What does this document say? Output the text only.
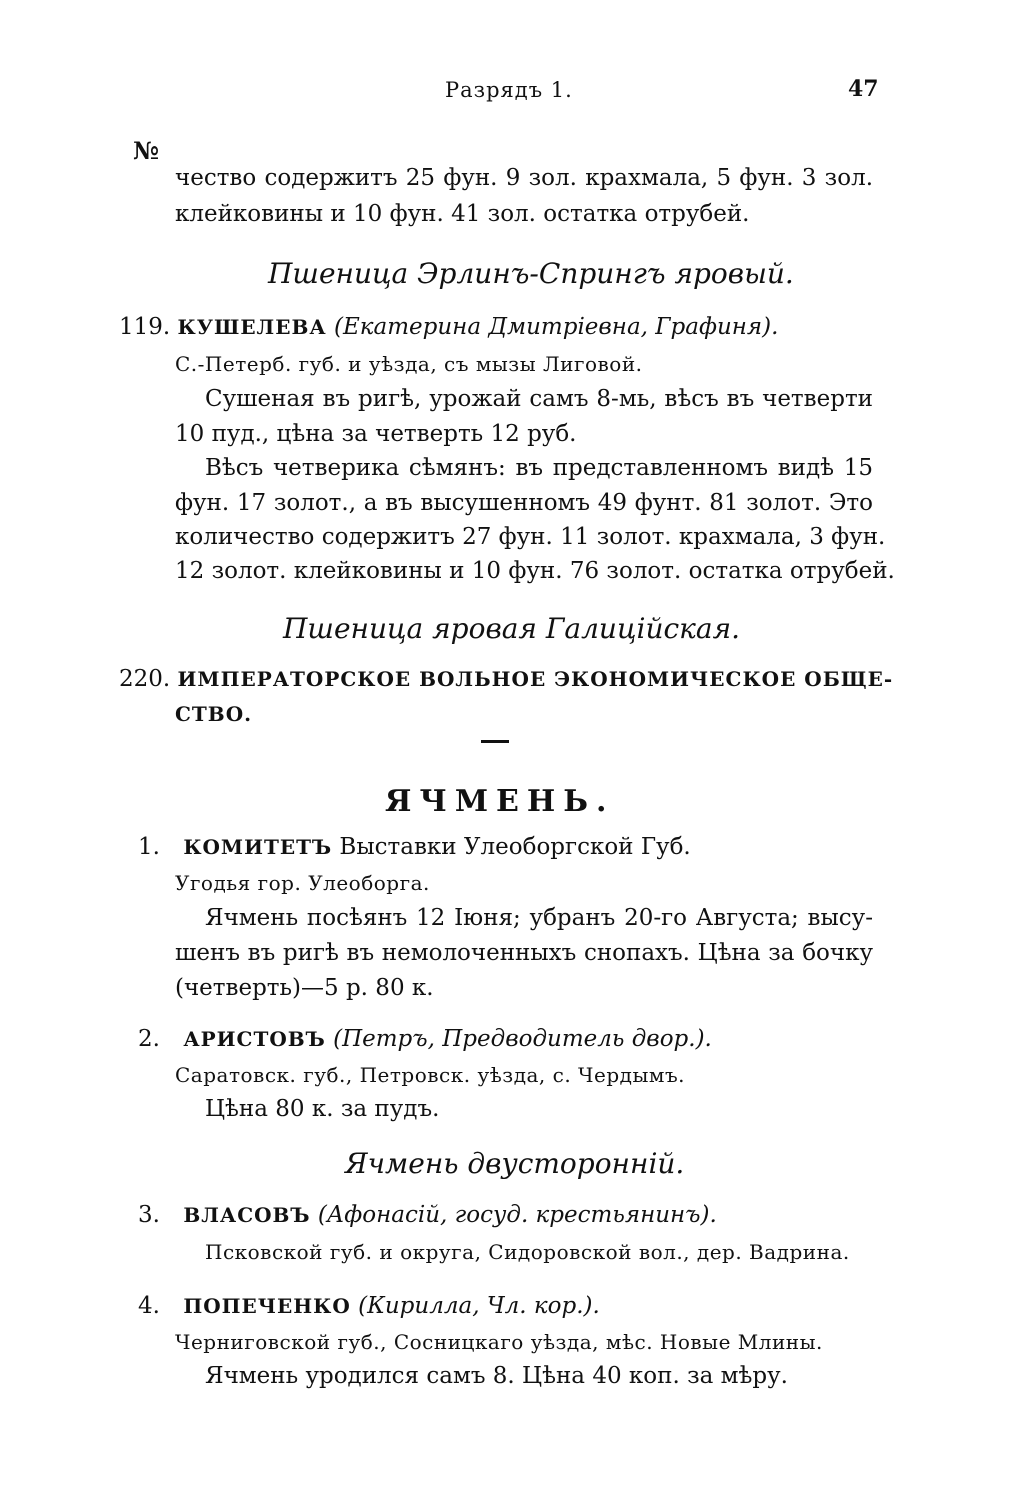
Разрядъ 1.	47
№
чество содержитъ 25 фун. 9 зол. крахмала, 5 фун. 3 зол.
клейковины и 10 фун. 41 зол. остатка отрубей.
Пшеница Эрлинъ-Спрингъ яровый.
119. КУШЕЛЕВА (Екатерина Дмитріевна, Графиня).
С.-Петерб. губ. и уѣзда, съ мызы Лиговой.
Сушеная въ ригѣ, урожай самъ 8-мь, вѣсъ въ четверти
10 пуд., цѣна за четверть 12 руб.
Вѣсъ четверика сѣмянъ: въ представленномъ видѣ 15
фун. 17 золот., а въ высушенномъ 49 фунт. 81 золот. Это
количество содержитъ 27 фун. 11 золот. крахмала, 3 фун.
12 золот. клейковины и 10 фун. 76 золот. остатка отрубей.
Пшеница яровая Галицiйская.
220. ИМПЕРАТОРСКОЕ ВОЛЬНОЕ ЭКОНОМИЧЕСКОЕ ОБЩЕ-
СТВО.
ЯЧМЕНЬ.
1. КОМИТЕТЪ Выставки Улеоборгской Губ.
Угодья гор. Улеоборга.
Ячмень посѣянъ 12 Iюня; убранъ 20-го Августа; высу-
шенъ въ ригѣ въ немолоченныхъ снопахъ. Цѣна за бочку
(четверть)—5 р. 80 к.
2. АРИСТОВЪ (Петръ, Предводитель двор.).
Саратовск. губ., Петровск. уѣзда, с. Чердымъ.
Цѣна 80 к. за пудъ.
Ячмень двусторонній.
3. ВЛАСОВЪ (Афонасій, госуд. крестьянинъ).
Псковской губ. и округа, Сидоровской вол., дер. Вадрина.
4. ПОПЕЧЕНКО (Кирилла, Чл. кор.).
Черниговской губ., Сосницкаго уѣзда, мѣс. Новые Млины.
Ячмень уродился самъ 8. Цѣна 40 коп. за мѣру.
